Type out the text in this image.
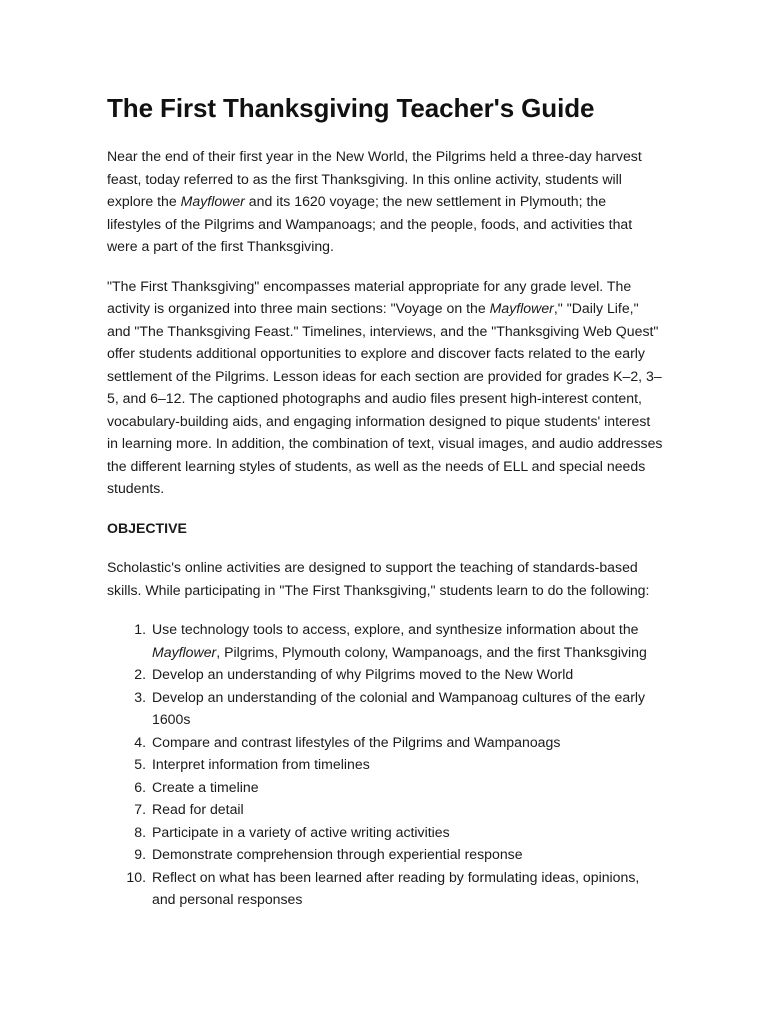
The First Thanksgiving Teacher's Guide

Near the end of their first year in the New World, the Pilgrims held a three-day harvest feast, today referred to as the first Thanksgiving. In this online activity, students will explore the Mayflower and its 1620 voyage; the new settlement in Plymouth; the lifestyles of the Pilgrims and Wampanoags; and the people, foods, and activities that were a part of the first Thanksgiving.

"The First Thanksgiving" encompasses material appropriate for any grade level. The activity is organized into three main sections: "Voyage on the Mayflower," "Daily Life," and "The Thanksgiving Feast." Timelines, interviews, and the "Thanksgiving Web Quest" offer students additional opportunities to explore and discover facts related to the early settlement of the Pilgrims. Lesson ideas for each section are provided for grades K–2, 3–5, and 6–12. The captioned photographs and audio files present high-interest content, vocabulary-building aids, and engaging information designed to pique students' interest in learning more. In addition, the combination of text, visual images, and audio addresses the different learning styles of students, as well as the needs of ELL and special needs students.

OBJECTIVE

Scholastic's online activities are designed to support the teaching of standards-based skills. While participating in "The First Thanksgiving," students learn to do the following:

1. Use technology tools to access, explore, and synthesize information about the Mayflower, Pilgrims, Plymouth colony, Wampanoags, and the first Thanksgiving
2. Develop an understanding of why Pilgrims moved to the New World
3. Develop an understanding of the colonial and Wampanoag cultures of the early 1600s
4. Compare and contrast lifestyles of the Pilgrims and Wampanoags
5. Interpret information from timelines
6. Create a timeline
7. Read for detail
8. Participate in a variety of active writing activities
9. Demonstrate comprehension through experiential response
10. Reflect on what has been learned after reading by formulating ideas, opinions, and personal responses
